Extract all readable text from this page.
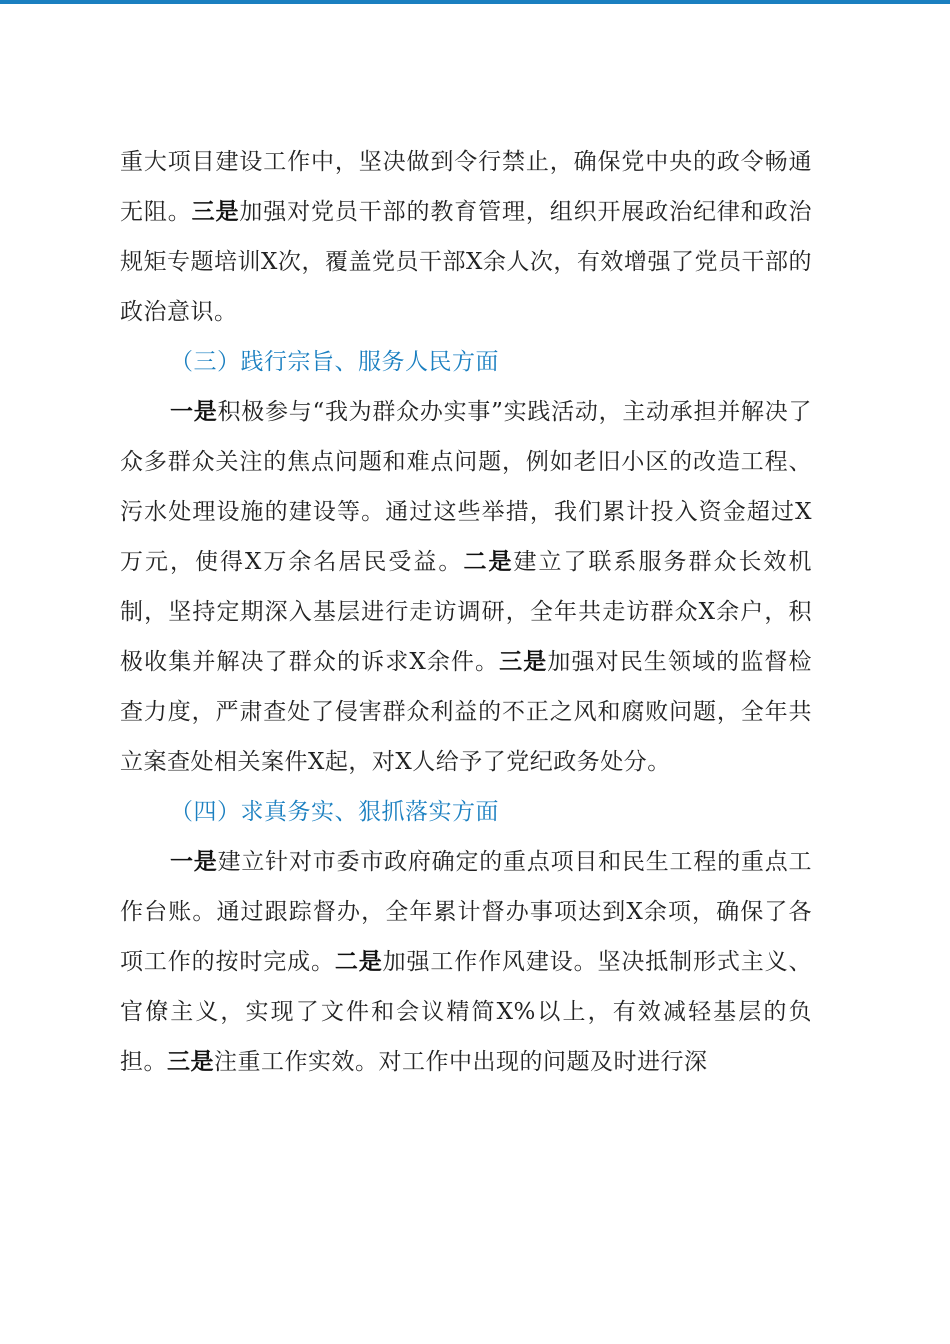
重大项目建设工作中，坚决做到令行禁止，确保党中央的政令畅通无阻。三是加强对党员干部的教育管理，组织开展政治纪律和政治规矩专题培训X次，覆盖党员干部X余人次，有效增强了党员干部的政治意识。

（三）践行宗旨、服务人民方面

一是积极参与“我为群众办实事”实践活动，主动承担并解决了众多群众关注的焦点问题和难点问题，例如老旧小区的改造工程、污水处理设施的建设等。通过这些举措，我们累计投入资金超过X万元，使得X万余名居民受益。二是建立了联系服务群众长效机制，坚持定期深入基层进行走访调研，全年共走访群众X余户，积极收集并解决了群众的诉求X余件。三是加强对民生领域的监督检查力度，严肃查处了侵害群众利益的不正之风和腐败问题，全年共立案查处相关案件X起，对X人给予了党纪政务处分。

（四）求真务实、狠抓落实方面

一是建立针对市委市政府确定的重点项目和民生工程的重点工作台账。通过跟踪督办，全年累计督办事项达到X余项，确保了各项工作的按时完成。二是加强工作作风建设。坚决抵制形式主义、官僚主义，实现了文件和会议精简X%以上，有效减轻基层的负担。三是注重工作实效。对工作中出现的问题及时进行深
